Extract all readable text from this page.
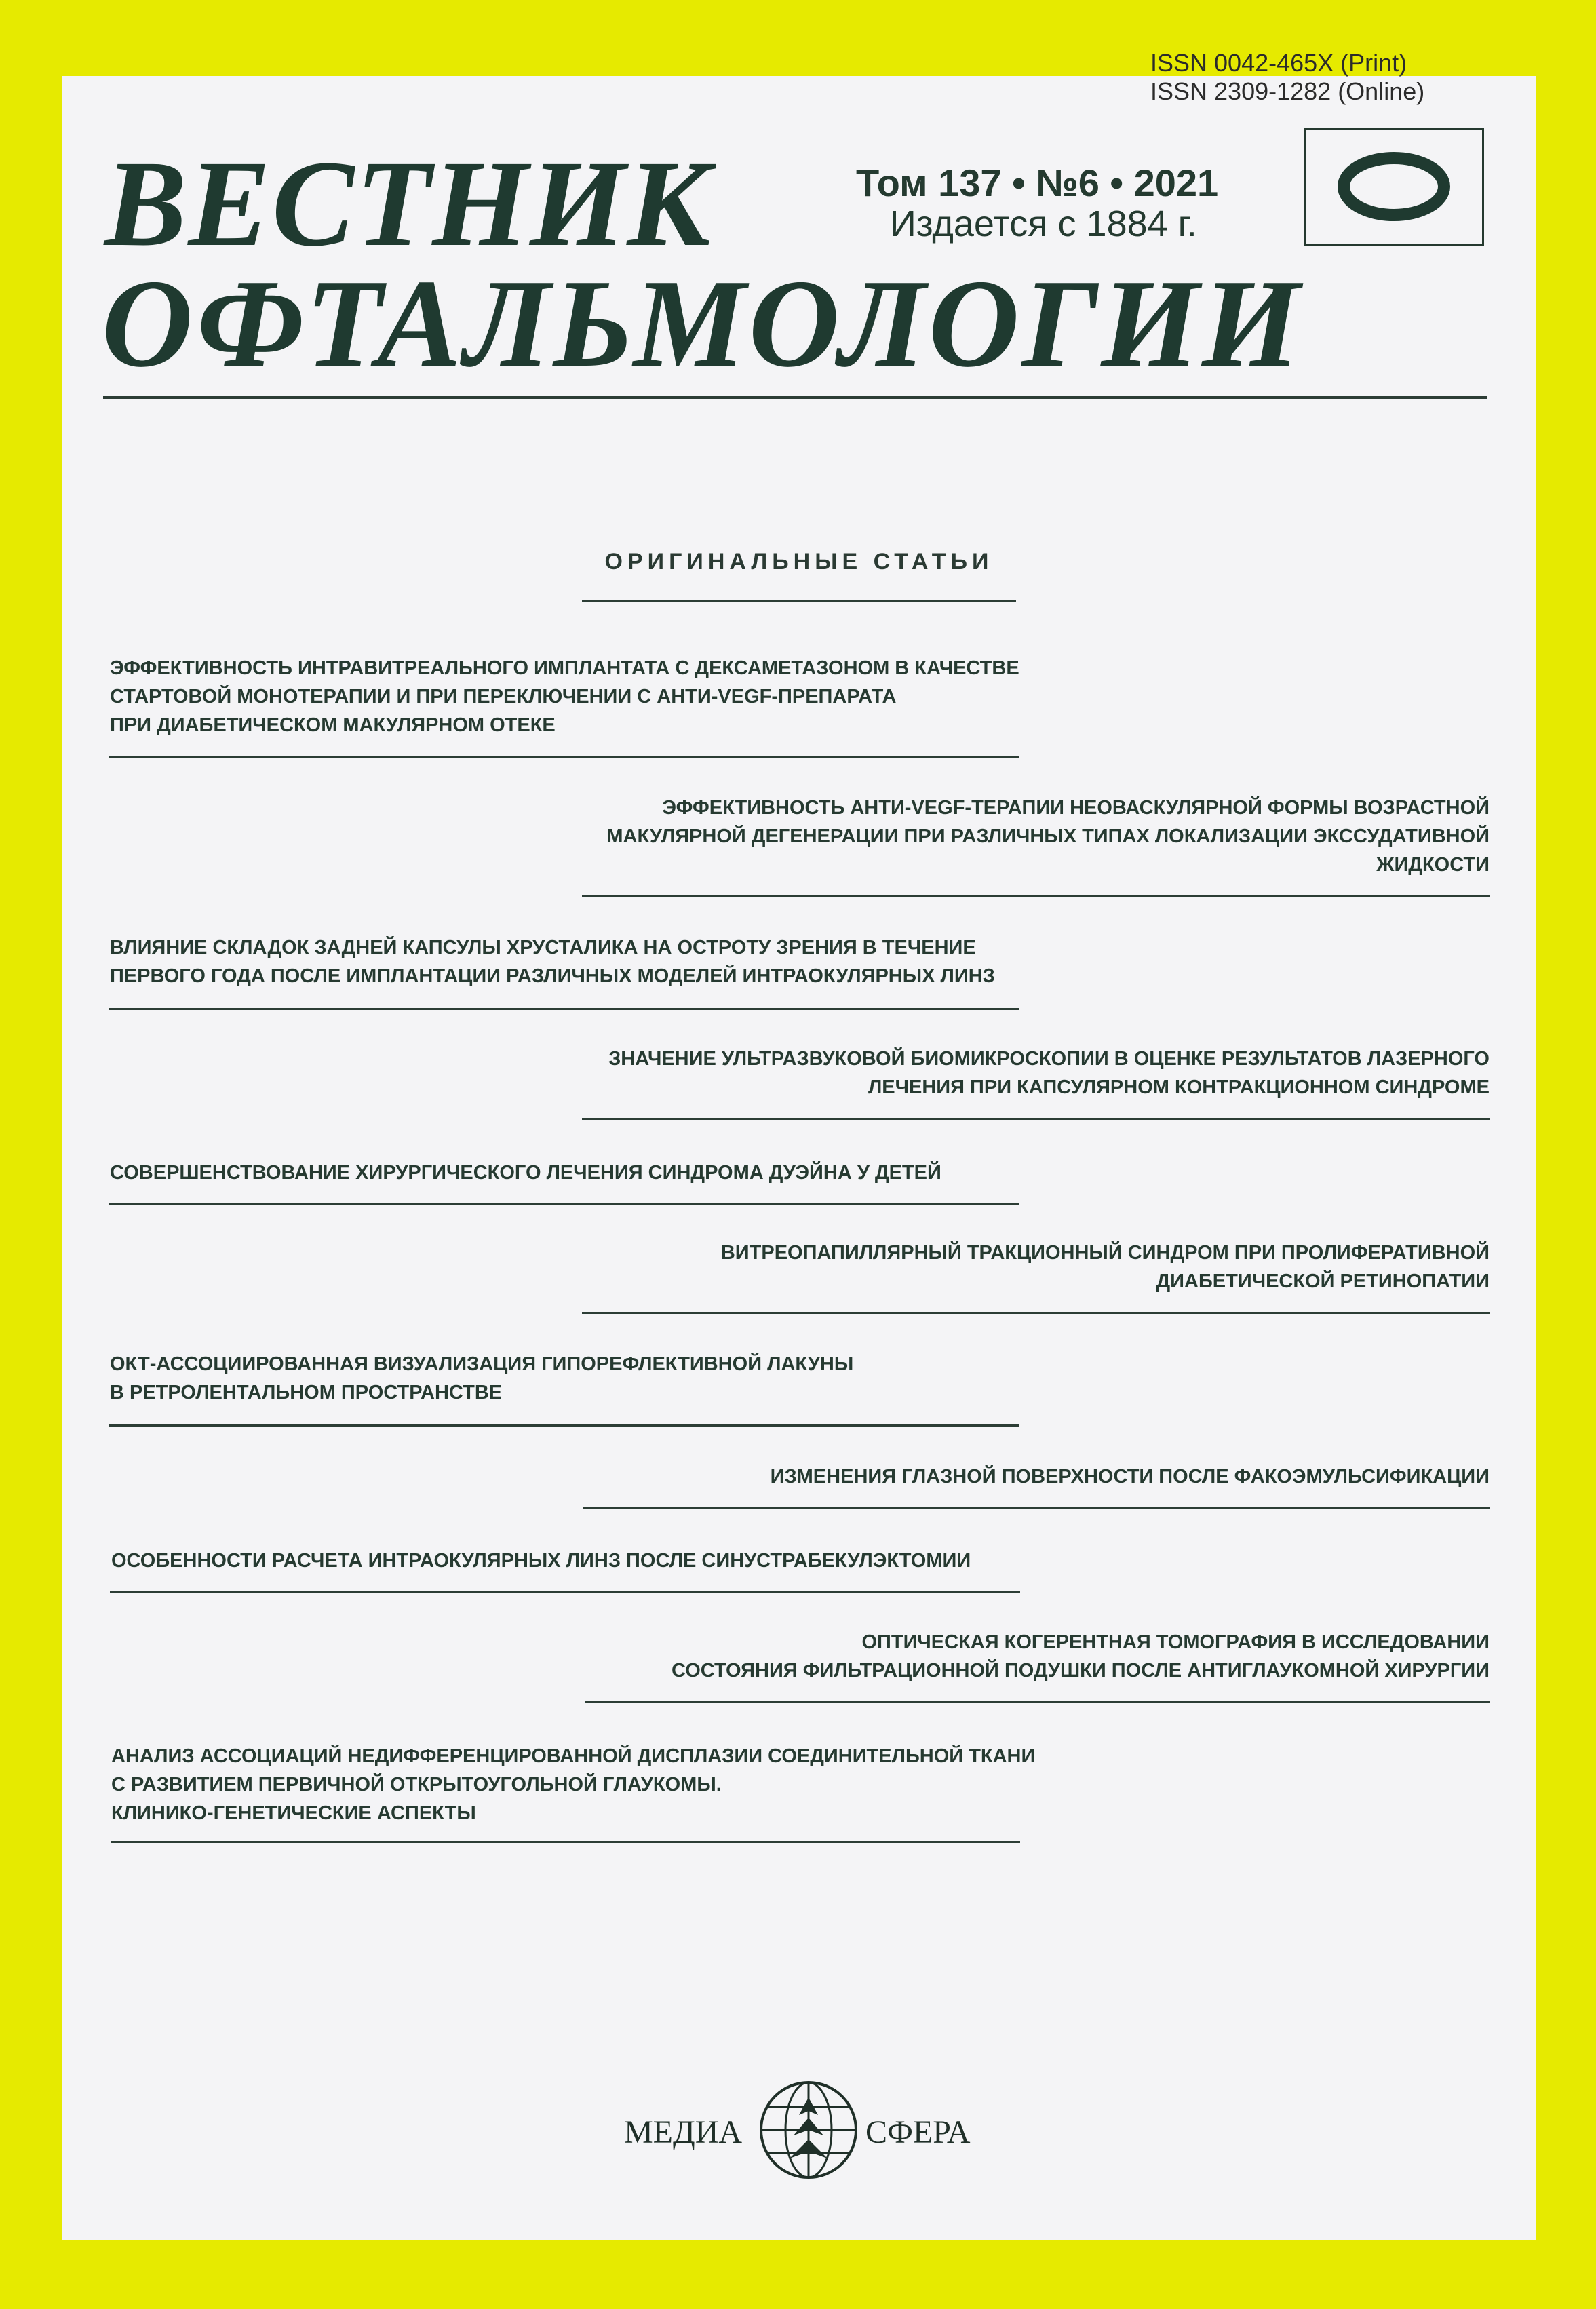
ISSN 0042-465X (Print)
ISSN 2309-1282 (Online)
ВЕСТНИК
ОФТАЛЬМОЛОГИИ
Том 137 • №6 • 2021
Издается с 1884 г.
ОРИГИНАЛЬНЫЕ СТАТЬИ
ЭФФЕКТИВНОСТЬ ИНТРАВИТРЕАЛЬНОГО ИМПЛАНТАТА С ДЕКСАМЕТАЗОНОМ В КАЧЕСТВЕ
СТАРТОВОЙ МОНОТЕРАПИИ И ПРИ ПЕРЕКЛЮЧЕНИИ С АНТИ-VEGF-ПРЕПАРАТА
ПРИ ДИАБЕТИЧЕСКОМ МАКУЛЯРНОМ ОТЕКЕ
ЭФФЕКТИВНОСТЬ АНТИ-VEGF-ТЕРАПИИ НЕОВАСКУЛЯРНОЙ ФОРМЫ ВОЗРАСТНОЙ
МАКУЛЯРНОЙ ДЕГЕНЕРАЦИИ ПРИ РАЗЛИЧНЫХ ТИПАХ ЛОКАЛИЗАЦИИ ЭКССУДАТИВНОЙ
ЖИДКОСТИ
ВЛИЯНИЕ СКЛАДОК ЗАДНЕЙ КАПСУЛЫ ХРУСТАЛИКА НА ОСТРОТУ ЗРЕНИЯ В ТЕЧЕНИЕ
ПЕРВОГО ГОДА ПОСЛЕ ИМПЛАНТАЦИИ РАЗЛИЧНЫХ МОДЕЛЕЙ ИНТРАОКУЛЯРНЫХ ЛИНЗ
ЗНАЧЕНИЕ УЛЬТРАЗВУКОВОЙ БИОМИКРОСКОПИИ В ОЦЕНКЕ РЕЗУЛЬТАТОВ ЛАЗЕРНОГО
ЛЕЧЕНИЯ ПРИ КАПСУЛЯРНОМ КОНТРАКЦИОННОМ СИНДРОМЕ
СОВЕРШЕНСТВОВАНИЕ ХИРУРГИЧЕСКОГО ЛЕЧЕНИЯ СИНДРОМА ДУЭЙНА У ДЕТЕЙ
ВИТРЕОПАПИЛЛЯРНЫЙ ТРАКЦИОННЫЙ СИНДРОМ ПРИ ПРОЛИФЕРАТИВНОЙ
ДИАБЕТИЧЕСКОЙ РЕТИНОПАТИИ
ОКТ-АССОЦИИРОВАННАЯ ВИЗУАЛИЗАЦИЯ ГИПОРЕФЛЕКТИВНОЙ ЛАКУНЫ
В РЕТРОЛЕНТАЛЬНОМ ПРОСТРАНСТВЕ
ИЗМЕНЕНИЯ ГЛАЗНОЙ ПОВЕРХНОСТИ ПОСЛЕ ФАКОЭМУЛЬСИФИКАЦИИ
ОСОБЕННОСТИ РАСЧЕТА ИНТРАОКУЛЯРНЫХ ЛИНЗ ПОСЛЕ СИНУСТРАБЕКУЛЭКТОМИИ
ОПТИЧЕСКАЯ КОГЕРЕНТНАЯ ТОМОГРАФИЯ В ИССЛЕДОВАНИИ
СОСТОЯНИЯ ФИЛЬТРАЦИОННОЙ ПОДУШКИ ПОСЛЕ АНТИГЛАУКОМНОЙ ХИРУРГИИ
АНАЛИЗ АССОЦИАЦИЙ НЕДИФФЕРЕНЦИРОВАННОЙ ДИСПЛАЗИИ СОЕДИНИТЕЛЬНОЙ ТКАНИ
С РАЗВИТИЕМ ПЕРВИЧНОЙ ОТКРЫТОУГОЛЬНОЙ ГЛАУКОМЫ.
КЛИНИКО-ГЕНЕТИЧЕСКИЕ АСПЕКТЫ
МЕДИА	СФЕРА
